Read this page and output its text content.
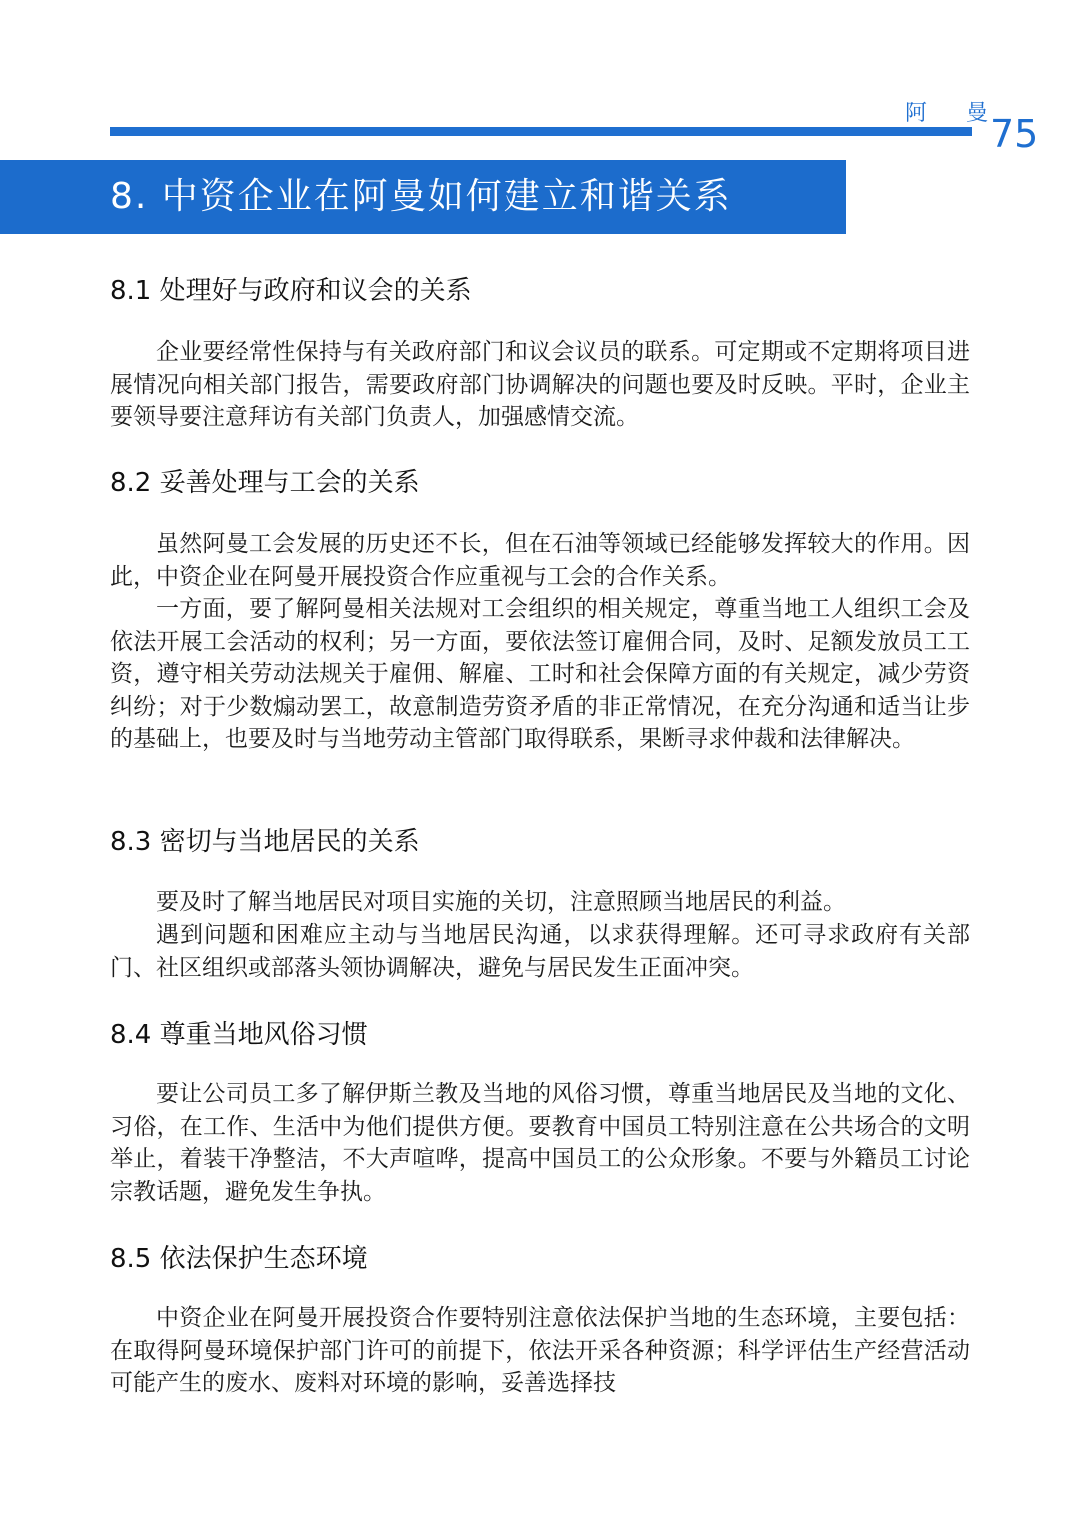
阿 曼
75
8. 中资企业在阿曼如何建立和谐关系
8.1 处理好与政府和议会的关系

企业要经常性保持与有关政府部门和议会议员的联系。可定期或不定期将项目进展情况向相关部门报告，需要政府部门协调解决的问题也要及时反映。平时，企业主要领导要注意拜访有关部门负责人，加强感情交流。

8.2 妥善处理与工会的关系

虽然阿曼工会发展的历史还不长，但在石油等领域已经能够发挥较大的作用。因此，中资企业在阿曼开展投资合作应重视与工会的合作关系。

一方面，要了解阿曼相关法规对工会组织的相关规定，尊重当地工人组织工会及依法开展工会活动的权利；另一方面，要依法签订雇佣合同，及时、足额发放员工工资，遵守相关劳动法规关于雇佣、解雇、工时和社会保障方面的有关规定，减少劳资纠纷；对于少数煽动罢工，故意制造劳资矛盾的非正常情况，在充分沟通和适当让步的基础上，也要及时与当地劳动主管部门取得联系，果断寻求仲裁和法律解决。

8.3 密切与当地居民的关系

要及时了解当地居民对项目实施的关切，注意照顾当地居民的利益。

遇到问题和困难应主动与当地居民沟通，以求获得理解。还可寻求政府有关部门、社区组织或部落头领协调解决，避免与居民发生正面冲突。

8.4 尊重当地风俗习惯

要让公司员工多了解伊斯兰教及当地的风俗习惯，尊重当地居民及当地的文化、习俗，在工作、生活中为他们提供方便。要教育中国员工特别注意在公共场合的文明举止，着装干净整洁，不大声喧哗，提高中国员工的公众形象。不要与外籍员工讨论宗教话题，避免发生争执。

8.5 依法保护生态环境

中资企业在阿曼开展投资合作要特别注意依法保护当地的生态环境，主要包括：在取得阿曼环境保护部门许可的前提下，依法开采各种资源；科学评估生产经营活动可能产生的废水、废料对环境的影响，妥善选择技
